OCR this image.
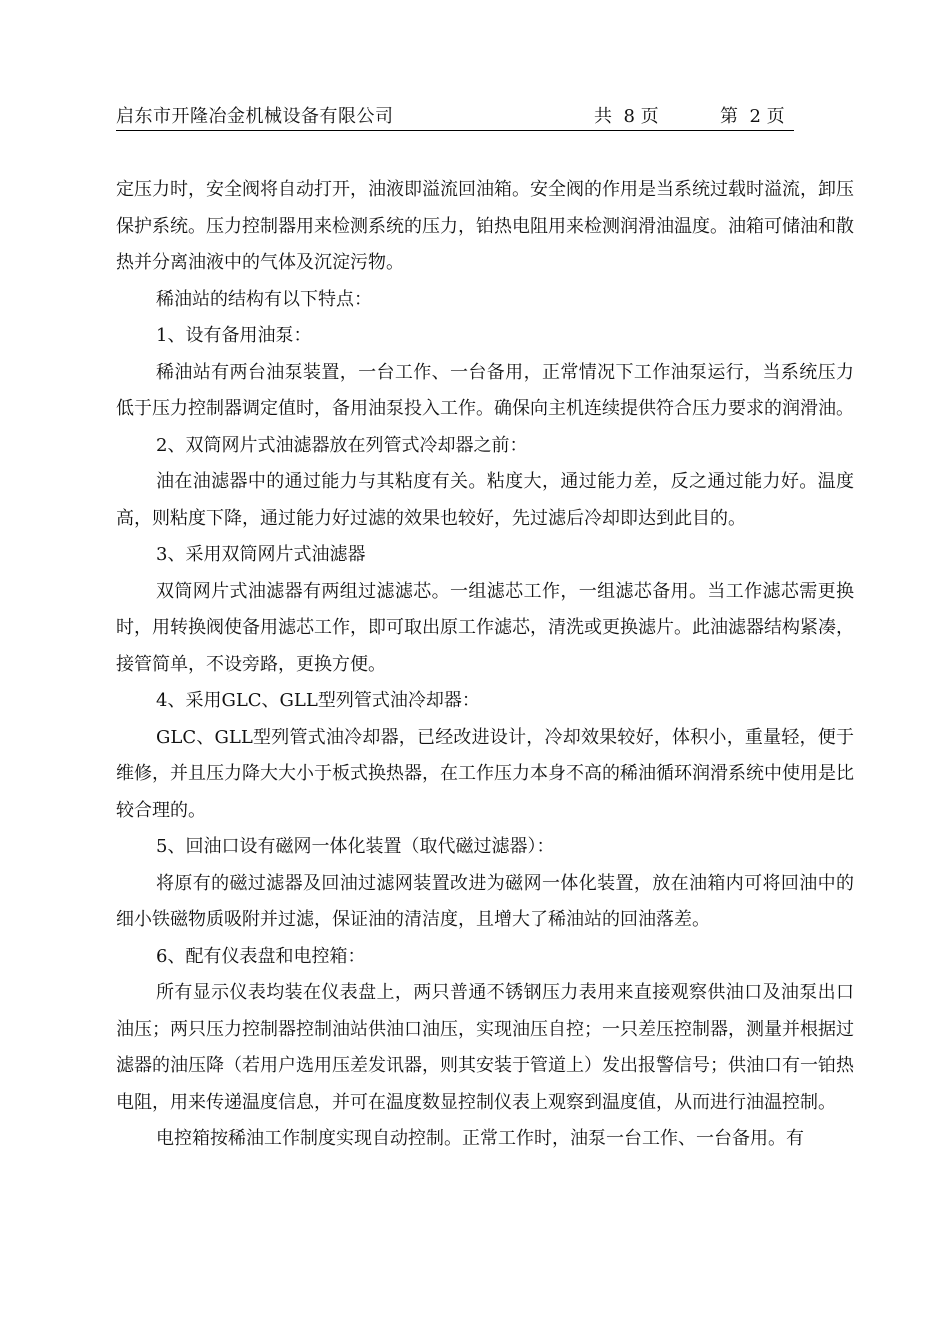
启东市开隆冶金机械设备有限公司	共  8 页	第  2 页

定压力时，安全阀将自动打开，油液即溢流回油箱。安全阀的作用是当系统过载时溢流，卸压保护系统。压力控制器用来检测系统的压力，铂热电阻用来检测润滑油温度。油箱可储油和散热并分离油液中的气体及沉淀污物。

稀油站的结构有以下特点：

1、设有备用油泵：

稀油站有两台油泵装置，一台工作、一台备用，正常情况下工作油泵运行，当系统压力低于压力控制器调定值时，备用油泵投入工作。确保向主机连续提供符合压力要求的润滑油。

2、双筒网片式油滤器放在列管式冷却器之前：

油在油滤器中的通过能力与其粘度有关。粘度大，通过能力差，反之通过能力好。温度高，则粘度下降，通过能力好过滤的效果也较好，先过滤后冷却即达到此目的。

3、采用双筒网片式油滤器

双筒网片式油滤器有两组过滤滤芯。一组滤芯工作，一组滤芯备用。当工作滤芯需更换时，用转换阀使备用滤芯工作，即可取出原工作滤芯，清洗或更换滤片。此油滤器结构紧凑，接管简单，不设旁路，更换方便。

4、采用GLC、GLL型列管式油冷却器：

GLC、GLL型列管式油冷却器，已经改进设计，冷却效果较好，体积小，重量轻，便于维修，并且压力降大大小于板式换热器，在工作压力本身不高的稀油循环润滑系统中使用是比较合理的。

5、回油口设有磁网一体化装置（取代磁过滤器）：

将原有的磁过滤器及回油过滤网装置改进为磁网一体化装置，放在油箱内可将回油中的细小铁磁物质吸附并过滤，保证油的清洁度，且增大了稀油站的回油落差。

6、配有仪表盘和电控箱：

所有显示仪表均装在仪表盘上，两只普通不锈钢压力表用来直接观察供油口及油泵出口油压；两只压力控制器控制油站供油口油压，实现油压自控；一只差压控制器，测量并根据过滤器的油压降（若用户选用压差发讯器，则其安装于管道上）发出报警信号；供油口有一铂热电阻，用来传递温度信息，并可在温度数显控制仪表上观察到温度值，从而进行油温控制。

电控箱按稀油工作制度实现自动控制。正常工作时，油泵一台工作、一台备用。有
